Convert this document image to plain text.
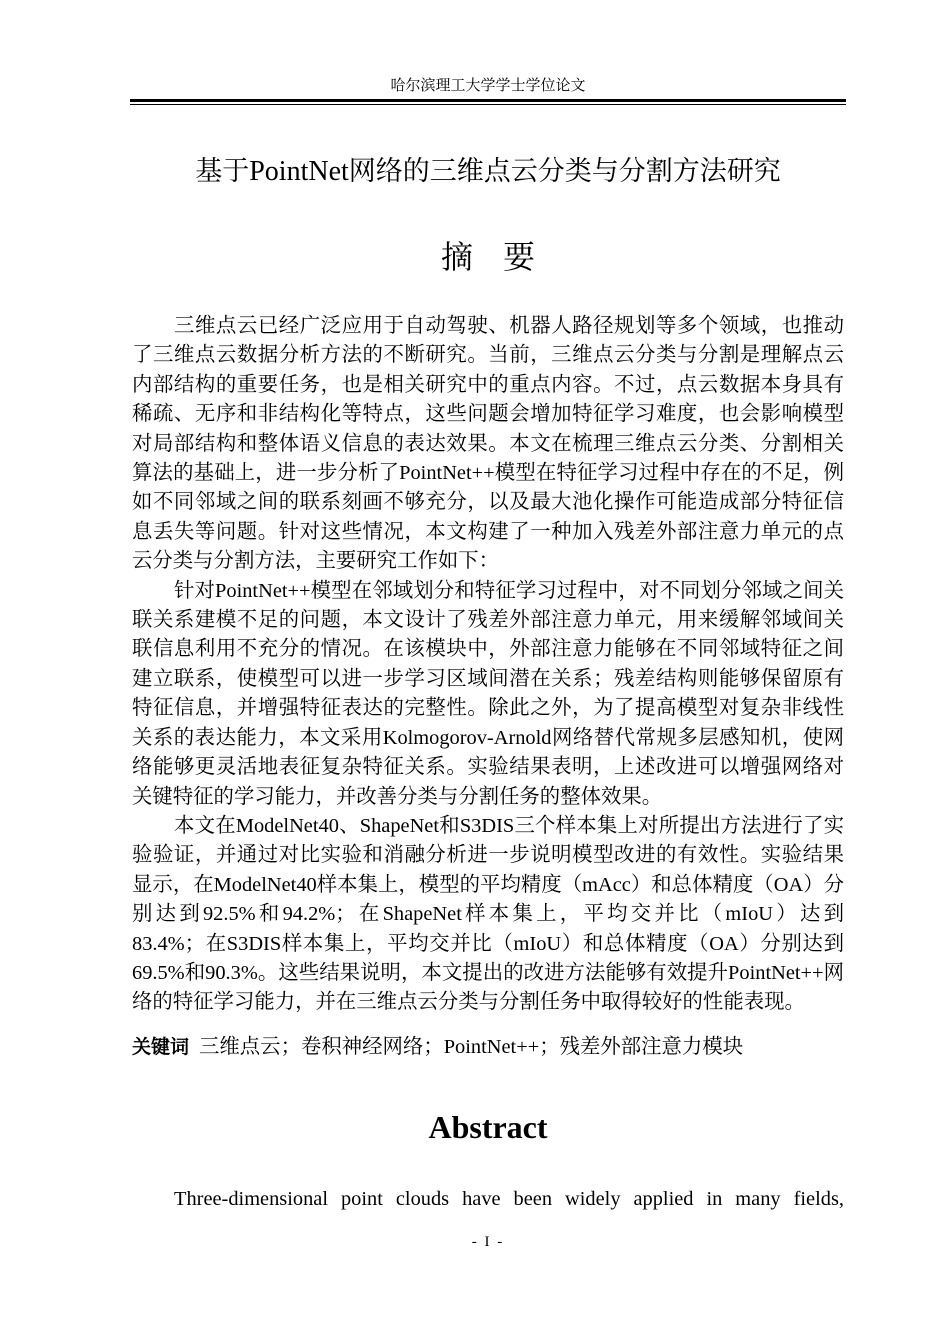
哈尔滨理工大学学士学位论文
基于PointNet网络的三维点云分类与分割方法研究
摘要

三维点云已经广泛应用于自动驾驶、机器人路径规划等多个领域，也推动了三维点云数据分析方法的不断研究。当前，三维点云分类与分割是理解点云内部结构的重要任务，也是相关研究中的重点内容。不过，点云数据本身具有稀疏、无序和非结构化等特点，这些问题会增加特征学习难度，也会影响模型对局部结构和整体语义信息的表达效果。本文在梳理三维点云分类、分割相关算法的基础上，进一步分析了PointNet++模型在特征学习过程中存在的不足，例如不同邻域之间的联系刻画不够充分，以及最大池化操作可能造成部分特征信息丢失等问题。针对这些情况，本文构建了一种加入残差外部注意力单元的点云分类与分割方法，主要研究工作如下：

针对PointNet++模型在邻域划分和特征学习过程中，对不同划分邻域之间关联关系建模不足的问题，本文设计了残差外部注意力单元，用来缓解邻域间关联信息利用不充分的情况。在该模块中，外部注意力能够在不同邻域特征之间建立联系，使模型可以进一步学习区域间潜在关系；残差结构则能够保留原有特征信息，并增强特征表达的完整性。除此之外，为了提高模型对复杂非线性关系的表达能力，本文采用Kolmogorov-Arnold网络替代常规多层感知机，使网络能够更灵活地表征复杂特征关系。实验结果表明，上述改进可以增强网络对关键特征的学习能力，并改善分类与分割任务的整体效果。

本文在ModelNet40、ShapeNet和S3DIS三个样本集上对所提出方法进行了实验验证，并通过对比实验和消融分析进一步说明模型改进的有效性。实验结果显示，在ModelNet40样本集上，模型的平均精度（mAcc）和总体精度（OA）分别达到92.5%和94.2%；在ShapeNet样本集上，平均交并比（mIoU）达到83.4%；在S3DIS样本集上，平均交并比（mIoU）和总体精度（OA）分别达到69.5%和90.3%。这些结果说明，本文提出的改进方法能够有效提升PointNet++网络的特征学习能力，并在三维点云分类与分割任务中取得较好的性能表现。

关键词 三维点云；卷积神经网络；PointNet++；残差外部注意力模块
Abstract
Three-dimensional point clouds have been widely applied in many fields,
- I -
